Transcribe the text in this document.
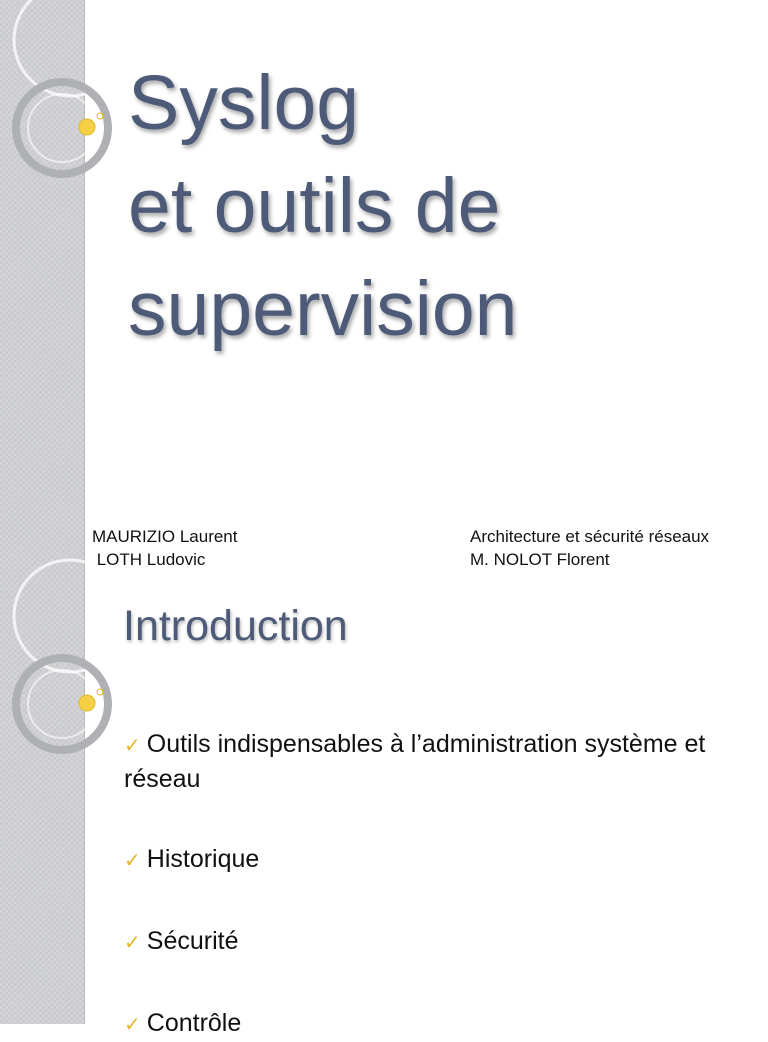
Syslog
et outils de
supervision
MAURIZIO Laurent
LOTH Ludovic
Architecture et sécurité réseaux
M. NOLOT Florent
Introduction
✓ Outils indispensables à l’administration système et réseau
✓ Historique
✓ Sécurité
✓ Contrôle
